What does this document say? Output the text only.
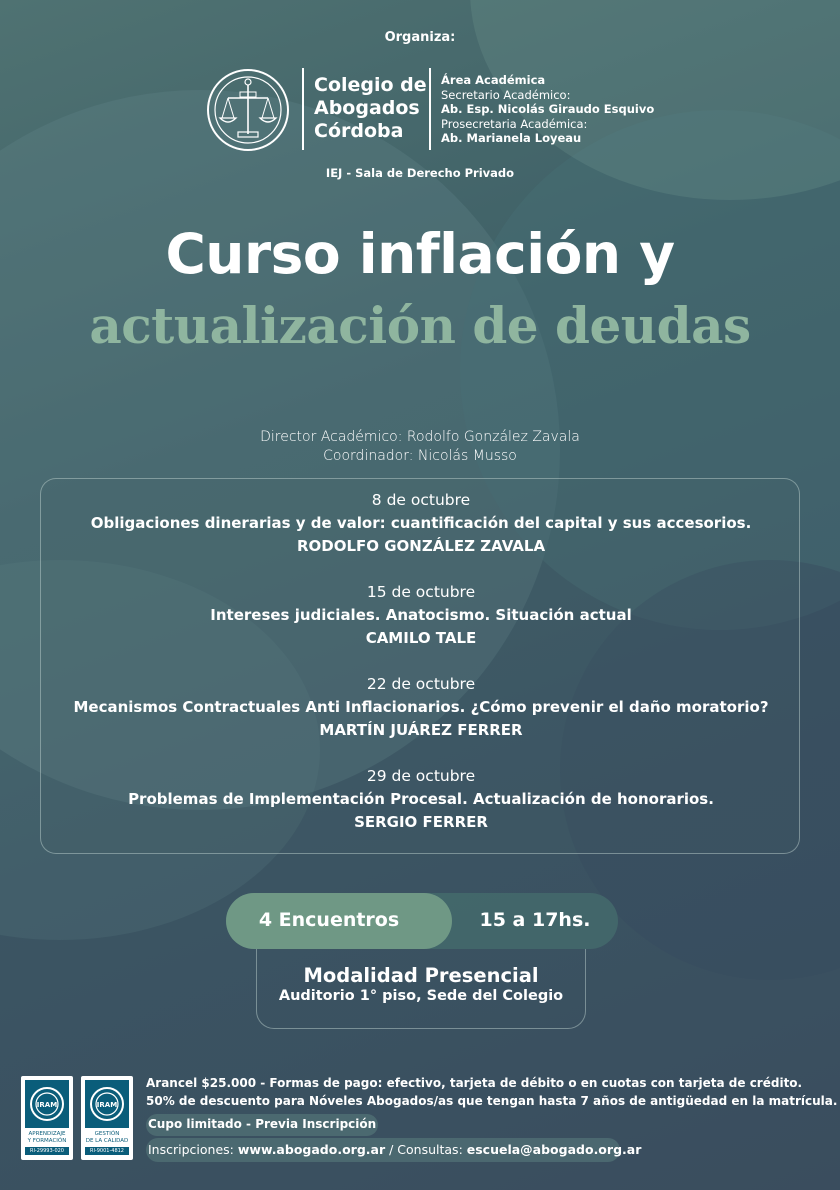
Organiza:
Colegio de
Abogados
Córdoba
Área Académica
Secretario Académico:
Ab. Esp. Nicolás Giraudo Esquivo
Prosecretaria Académica:
Ab. Marianela Loyeau
IEJ - Sala de Derecho Privado
Curso inflación y
actualización de deudas
Director Académico: Rodolfo González Zavala
Coordinador: Nicolás Musso
8 de octubre
Obligaciones dinerarias y de valor: cuantificación del capital y sus accesorios.
RODOLFO GONZÁLEZ ZAVALA
15 de octubre
Intereses judiciales. Anatocismo. Situación actual
CAMILO TALE
22 de octubre
Mecanismos Contractuales Anti Inflacionarios. ¿Cómo prevenir el daño moratorio?
MARTÍN JUÁREZ FERRER
29 de octubre
Problemas de Implementación Procesal. Actualización de honorarios.
SERGIO FERRER
4 Encuentros	15 a 17hs.
Modalidad Presencial
Auditorio 1° piso, Sede del Colegio
IRAM
APRENDIZAJE
Y FORMACIÓN
RI-29993-020
IRAM
GESTIÓN
DE LA CALIDAD
RI-9001-4812
Arancel $25.000 - Formas de pago: efectivo, tarjeta de débito o en cuotas con tarjeta de crédito.
50% de descuento para Nóveles Abogados/as que tengan hasta 7 años de antigüedad en la matrícula.
Cupo limitado - Previa Inscripción
Inscripciones: www.abogado.org.ar / Consultas: escuela@abogado.org.ar
